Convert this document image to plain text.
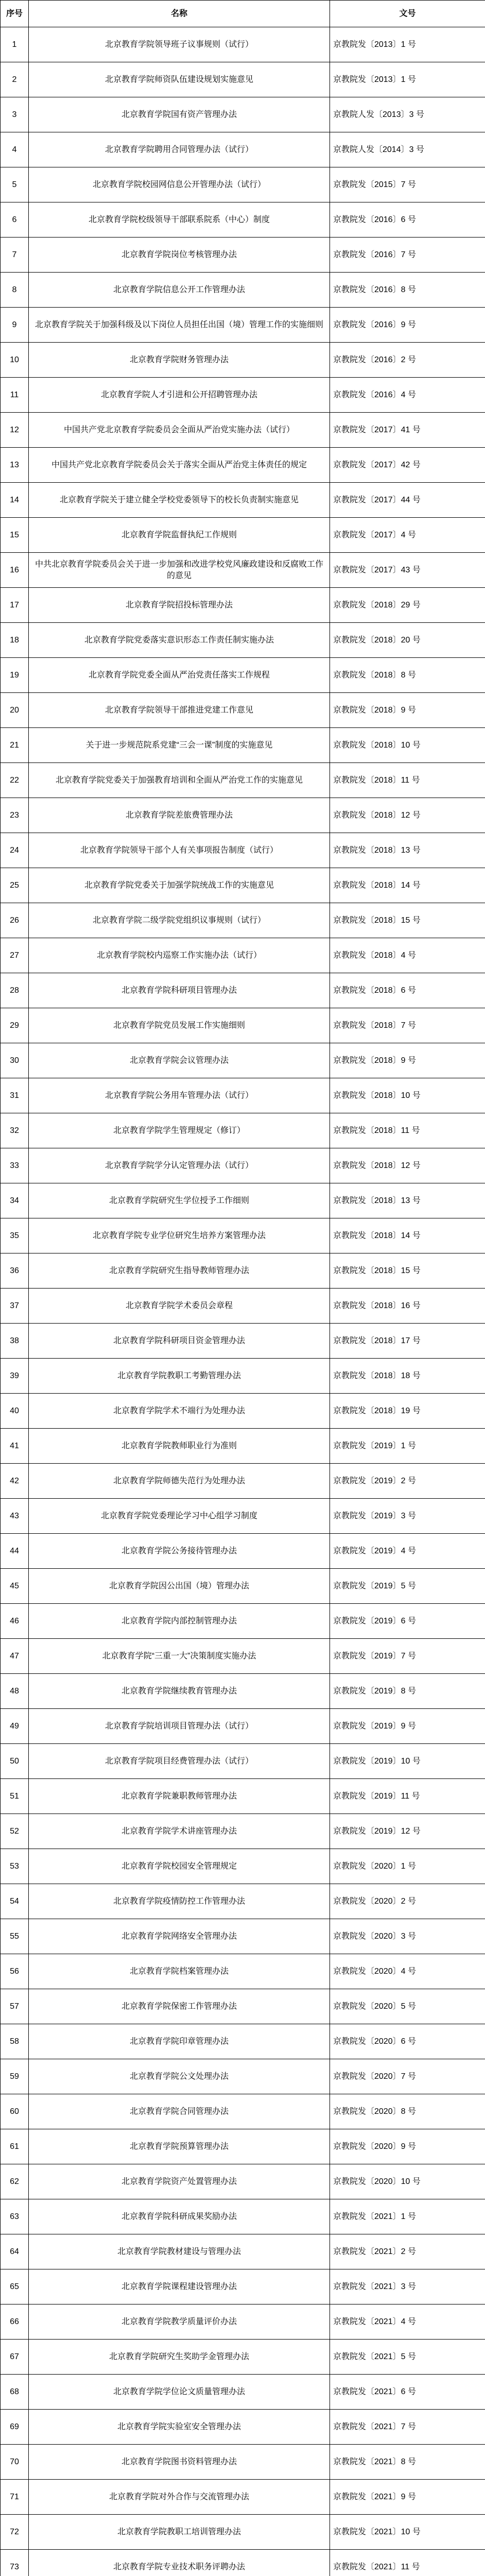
序号	名称	文号
1	北京教育学院领导班子议事规则（试行）	京教院发〔2013〕1 号
2	北京教育学院师资队伍建设规划实施意见	京教院发〔2013〕1 号
3	北京教育学院国有资产管理办法	京教院人发〔2013〕3 号
4	北京教育学院聘用合同管理办法（试行）	京教院人发〔2014〕3 号
5	北京教育学院校园网信息公开管理办法（试行）	京教院发〔2015〕7 号
6	北京教育学院校级领导干部联系院系（中心）制度	京教院发〔2016〕6 号
7	北京教育学院岗位考核管理办法	京教院发〔2016〕7 号
8	北京教育学院信息公开工作管理办法	京教院发〔2016〕8 号
9	北京教育学院关于加强科级及以下岗位人员担任出国（境）管理工作的实施细则	京教院发〔2016〕9 号
10	北京教育学院财务管理办法	京教院发〔2016〕2 号
11	北京教育学院人才引进和公开招聘管理办法	京教院发〔2016〕4 号
12	中国共产党北京教育学院委员会全面从严治党实施办法（试行）	京教院发〔2017〕41 号
13	中国共产党北京教育学院委员会关于落实全面从严治党主体责任的规定	京教院发〔2017〕42 号
14	北京教育学院关于建立健全学校党委领导下的校长负责制实施意见	京教院发〔2017〕44 号
15	北京教育学院监督执纪工作规则	京教院发〔2017〕4 号
16	中共北京教育学院委员会关于进一步加强和改进学校党风廉政建设和反腐败工作的意见	京教院发〔2017〕43 号
17	北京教育学院招投标管理办法	京教院发〔2018〕29 号
18	北京教育学院党委落实意识形态工作责任制实施办法	京教院发〔2018〕20 号
19	北京教育学院党委全面从严治党责任落实工作规程	京教院发〔2018〕8 号
20	北京教育学院领导干部推进党建工作意见	京教院发〔2018〕9 号
21	关于进一步规范院系党建“三会一课”制度的实施意见	京教院发〔2018〕10 号
22	北京教育学院党委关于加强教育培训和全面从严治党工作的实施意见	京教院发〔2018〕11 号
23	北京教育学院差旅费管理办法	京教院发〔2018〕12 号
24	北京教育学院领导干部个人有关事项报告制度（试行）	京教院发〔2018〕13 号
25	北京教育学院党委关于加强学院统战工作的实施意见	京教院发〔2018〕14 号
26	北京教育学院二级学院党组织议事规则（试行）	京教院发〔2018〕15 号
27	北京教育学院校内巡察工作实施办法（试行）	京教院发〔2018〕4 号
28	北京教育学院科研项目管理办法	京教院发〔2018〕6 号
29	北京教育学院党员发展工作实施细则	京教院发〔2018〕7 号
30	北京教育学院会议管理办法	京教院发〔2018〕9 号
31	北京教育学院公务用车管理办法（试行）	京教院发〔2018〕10 号
32	北京教育学院学生管理规定（修订）	京教院发〔2018〕11 号
33	北京教育学院学分认定管理办法（试行）	京教院发〔2018〕12 号
34	北京教育学院研究生学位授予工作细则	京教院发〔2018〕13 号
35	北京教育学院专业学位研究生培养方案管理办法	京教院发〔2018〕14 号
36	北京教育学院研究生指导教师管理办法	京教院发〔2018〕15 号
37	北京教育学院学术委员会章程	京教院发〔2018〕16 号
38	北京教育学院科研项目资金管理办法	京教院发〔2018〕17 号
39	北京教育学院教职工考勤管理办法	京教院发〔2018〕18 号
40	北京教育学院学术不端行为处理办法	京教院发〔2018〕19 号
41	北京教育学院教师职业行为准则	京教院发〔2019〕1 号
42	北京教育学院师德失范行为处理办法	京教院发〔2019〕2 号
43	北京教育学院党委理论学习中心组学习制度	京教院发〔2019〕3 号
44	北京教育学院公务接待管理办法	京教院发〔2019〕4 号
45	北京教育学院因公出国（境）管理办法	京教院发〔2019〕5 号
46	北京教育学院内部控制管理办法	京教院发〔2019〕6 号
47	北京教育学院“三重一大”决策制度实施办法	京教院发〔2019〕7 号
48	北京教育学院继续教育管理办法	京教院发〔2019〕8 号
49	北京教育学院培训项目管理办法（试行）	京教院发〔2019〕9 号
50	北京教育学院项目经费管理办法（试行）	京教院发〔2019〕10 号
51	北京教育学院兼职教师管理办法	京教院发〔2019〕11 号
52	北京教育学院学术讲座管理办法	京教院发〔2019〕12 号
53	北京教育学院校园安全管理规定	京教院发〔2020〕1 号
54	北京教育学院疫情防控工作管理办法	京教院发〔2020〕2 号
55	北京教育学院网络安全管理办法	京教院发〔2020〕3 号
56	北京教育学院档案管理办法	京教院发〔2020〕4 号
57	北京教育学院保密工作管理办法	京教院发〔2020〕5 号
58	北京教育学院印章管理办法	京教院发〔2020〕6 号
59	北京教育学院公文处理办法	京教院发〔2020〕7 号
60	北京教育学院合同管理办法	京教院发〔2020〕8 号
61	北京教育学院预算管理办法	京教院发〔2020〕9 号
62	北京教育学院资产处置管理办法	京教院发〔2020〕10 号
63	北京教育学院科研成果奖励办法	京教院发〔2021〕1 号
64	北京教育学院教材建设与管理办法	京教院发〔2021〕2 号
65	北京教育学院课程建设管理办法	京教院发〔2021〕3 号
66	北京教育学院教学质量评价办法	京教院发〔2021〕4 号
67	北京教育学院研究生奖助学金管理办法	京教院发〔2021〕5 号
68	北京教育学院学位论文质量管理办法	京教院发〔2021〕6 号
69	北京教育学院实验室安全管理办法	京教院发〔2021〕7 号
70	北京教育学院图书资料管理办法	京教院发〔2021〕8 号
71	北京教育学院对外合作与交流管理办法	京教院发〔2021〕9 号
72	北京教育学院教职工培训管理办法	京教院发〔2021〕10 号
73	北京教育学院专业技术职务评聘办法	京教院发〔2021〕11 号
